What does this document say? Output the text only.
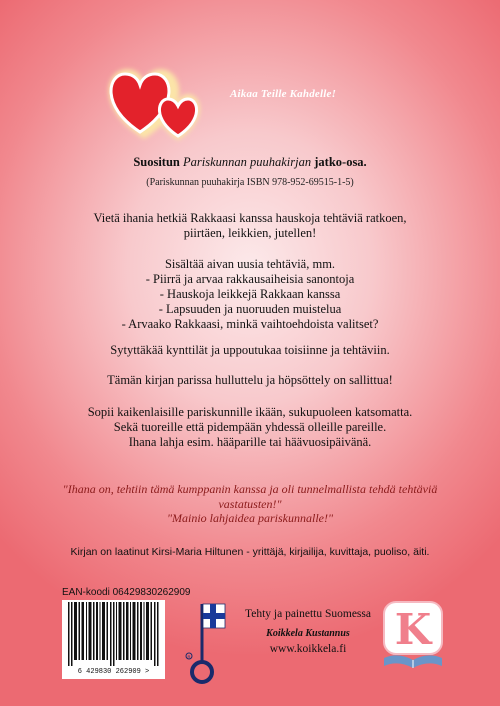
Aikaa Teille Kahdelle!
Suositun Pariskunnan puuhakirjan jatko-osa.
(Pariskunnan puuhakirja ISBN 978-952-69515-1-5)
Vietä ihania hetkiä Rakkaasi kanssa hauskoja tehtäviä ratkoen,
piirtäen, leikkien, jutellen!
Sisältää aivan uusia tehtäviä, mm.
- Piirrä ja arvaa rakkausaiheisia sanontoja
- Hauskoja leikkejä Rakkaan kanssa
- Lapsuuden ja nuoruuden muistelua
- Arvaako Rakkaasi, minkä vaihtoehdoista valitset?
Sytyttäkää kynttilät ja uppoutukaa toisiinne ja tehtäviin.
Tämän kirjan parissa hulluttelu ja höpsöttely on sallittua!
Sopii kaikenlaisille pariskunnille ikään, sukupuoleen katsomatta.
Sekä tuoreille että pidempään yhdessä olleille pareille.
Ihana lahja esim. hääparille tai häävuosipäivänä.
"Ihana on, tehtiin tämä kumppanin kanssa ja oli tunnelmallista tehdä tehtäviä
vastatusten!"
"Mainio lahjaidea pariskunnalle!"
Kirjan on laatinut Kirsi-Maria Hiltunen - yrittäjä, kirjailija, kuvittaja, puoliso, äiti.
EAN-koodi 06429830262909
6 429830 262909 >
R
Tehty ja painettu Suomessa
Koikkela Kustannus
www.koikkela.fi	K
